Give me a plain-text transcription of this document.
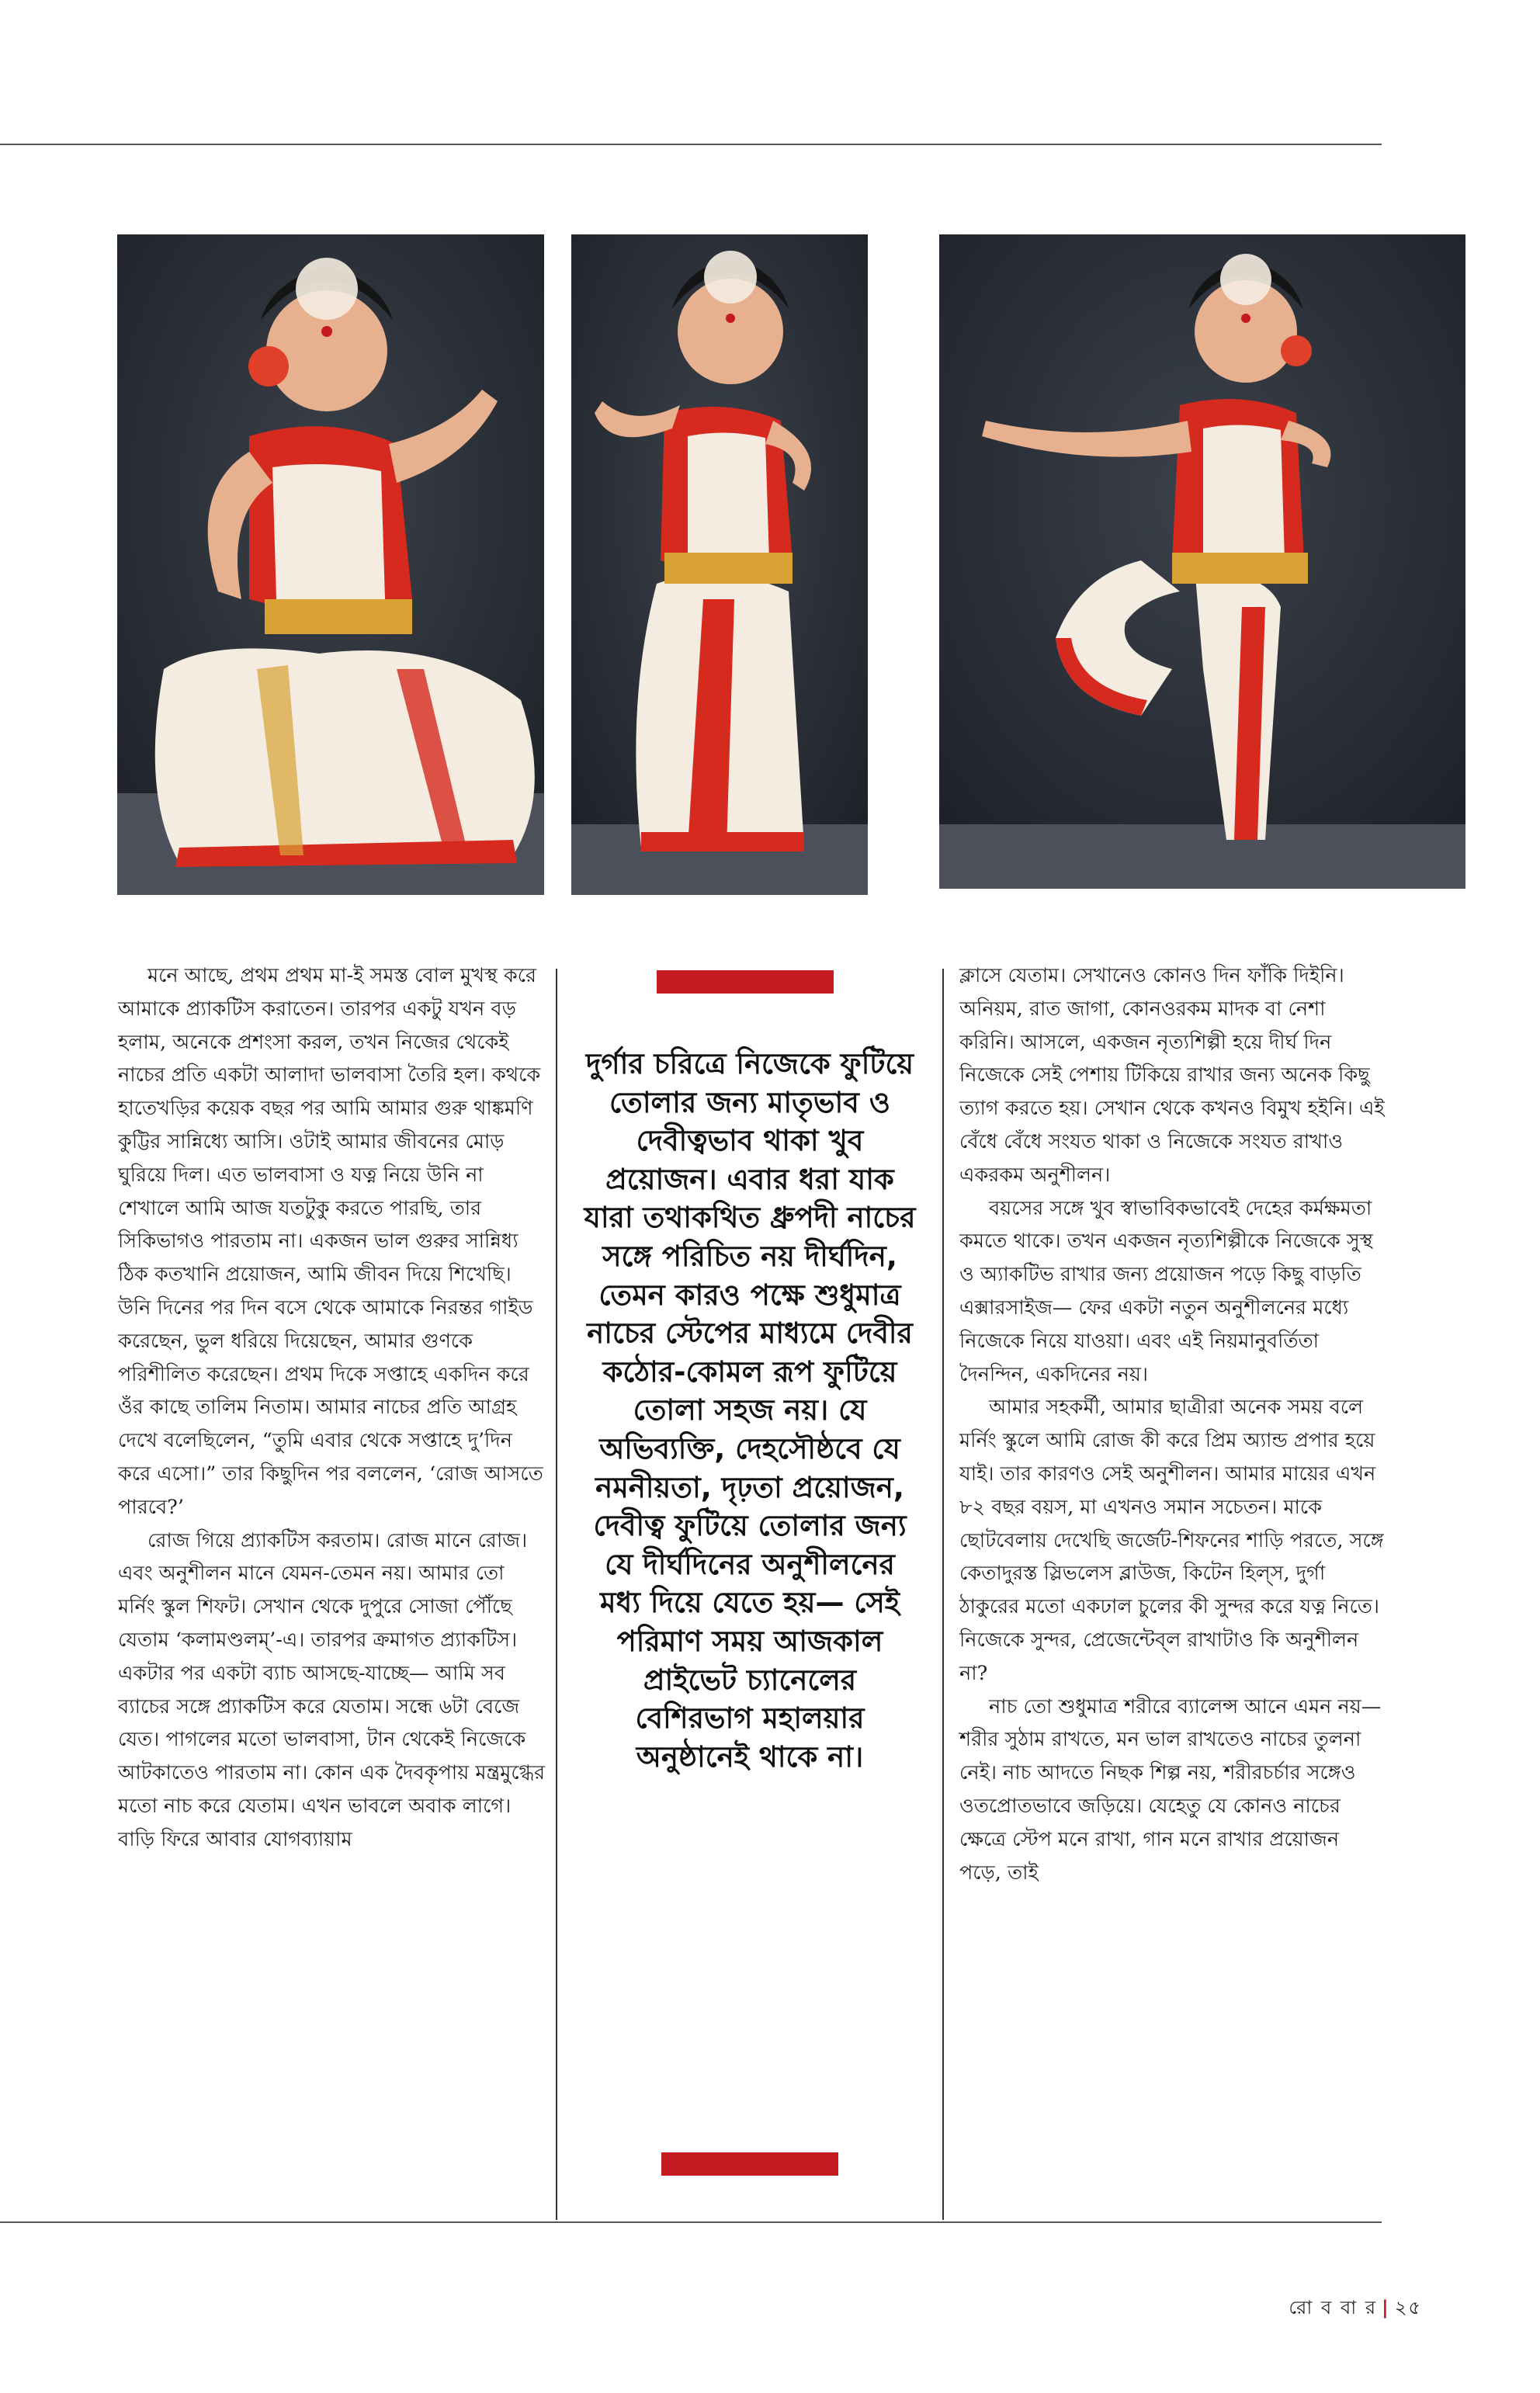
মনে আছে, প্রথম প্রথম মা-ই সমস্ত বোল মুখস্থ করে আমাকে প্র্যাকটিস করাতেন। তারপর একটু যখন বড় হলাম, অনেকে প্রশংসা করল, তখন নিজের থেকেই নাচের প্রতি একটা আলাদা ভালবাসা তৈরি হল। কথকে হাতেখড়ির কয়েক বছর পর আমি আমার গুরু থাঙ্কমণি কুট্টির সান্নিধ্যে আসি। ওটাই আমার জীবনের মোড় ঘুরিয়ে দিল। এত ভালবাসা ও যত্ন নিয়ে উনি না শেখালে আমি আজ যতটুকু করতে পারছি, তার সিকিভাগও পারতাম না। একজন ভাল গুরুর সান্নিধ্য ঠিক কতখানি প্রয়োজন, আমি জীবন দিয়ে শিখেছি। উনি দিনের পর দিন বসে থেকে আমাকে নিরন্তর গাইড করেছেন, ভুল ধরিয়ে দিয়েছেন, আমার গুণকে পরিশীলিত করেছেন। প্রথম দিকে সপ্তাহে একদিন করে ওঁর কাছে তালিম নিতাম। আমার নাচের প্রতি আগ্রহ দেখে বলেছিলেন, “তুমি এবার থেকে সপ্তাহে দু’দিন করে এসো।” তার কিছুদিন পর বললেন, ‘রোজ আসতে পারবে?’

রোজ গিয়ে প্র্যাকটিস করতাম। রোজ মানে রোজ। এবং অনুশীলন মানে যেমন-তেমন নয়। আমার তো মর্নিং স্কুল শিফট। সেখান থেকে দুপুরে সোজা পৌঁছে যেতাম ‘কলামণ্ডলম্’-এ। তারপর ক্রমাগত প্র্যাকটিস। একটার পর একটা ব্যাচ আসছে-যাচ্ছে— আমি সব ব্যাচের সঙ্গে প্র্যাকটিস করে যেতাম। সন্ধে ৬টা বেজে যেত। পাগলের মতো ভালবাসা, টান থেকেই নিজেকে আটকাতেও পারতাম না। কোন এক দৈবকৃপায় মন্ত্রমুগ্ধের মতো নাচ করে যেতাম। এখন ভাবলে অবাক লাগে। বাড়ি ফিরে আবার যোগব্যায়াম

দুর্গার চরিত্রে নিজেকে ফুটিয়ে তোলার জন্য মাতৃভাব ও দেবীত্বভাব থাকা খুব প্রয়োজন। এবার ধরা যাক যারা তথাকথিত ধ্রুপদী নাচের সঙ্গে পরিচিত নয় দীর্ঘদিন, তেমন কারও পক্ষে শুধুমাত্র নাচের স্টেপের মাধ্যমে দেবীর কঠোর-কোমল রূপ ফুটিয়ে তোলা সহজ নয়। যে অভিব্যক্তি, দেহসৌষ্ঠবে যে নমনীয়তা, দৃঢ়তা প্রয়োজন, দেবীত্ব ফুটিয়ে তোলার জন্য যে দীর্ঘদিনের অনুশীলনের মধ্য দিয়ে যেতে হয়— সেই পরিমাণ সময় আজকাল প্রাইভেট চ্যানেলের বেশিরভাগ মহালয়ার অনুষ্ঠানেই থাকে না।

ক্লাসে যেতাম। সেখানেও কোনও দিন ফাঁকি দিইনি। অনিয়ম, রাত জাগা, কোনওরকম মাদক বা নেশা করিনি। আসলে, একজন নৃত্যশিল্পী হয়ে দীর্ঘ দিন নিজেকে সেই পেশায় টিকিয়ে রাখার জন্য অনেক কিছু ত্যাগ করতে হয়। সেখান থেকে কখনও বিমুখ হইনি। এই বেঁধে বেঁধে সংযত থাকা ও নিজেকে সংযত রাখাও একরকম অনুশীলন।

বয়সের সঙ্গে খুব স্বাভাবিকভাবেই দেহের কর্মক্ষমতা কমতে থাকে। তখন একজন নৃত্যশিল্পীকে নিজেকে সুস্থ ও অ্যাকটিভ রাখার জন্য প্রয়োজন পড়ে কিছু বাড়তি এক্সারসাইজ— ফের একটা নতুন অনুশীলনের মধ্যে নিজেকে নিয়ে যাওয়া। এবং এই নিয়মানুবর্তিতা দৈনন্দিন, একদিনের নয়।

আমার সহকর্মী, আমার ছাত্রীরা অনেক সময় বলে মর্নিং স্কুলে আমি রোজ কী করে প্রিম অ্যান্ড প্রপার হয়ে যাই। তার কারণও সেই অনুশীলন। আমার মায়ের এখন ৮২ বছর বয়স, মা এখনও সমান সচেতন। মাকে ছোটবেলায় দেখেছি জর্জেট-শিফনের শাড়ি পরতে, সঙ্গে কেতাদুরস্ত স্লিভলেস ব্লাউজ, কিটেন হিল্স, দুর্গা ঠাকুরের মতো একঢাল চুলের কী সুন্দর করে যত্ন নিতে। নিজেকে সুন্দর, প্রেজেন্টেব্‌ল রাখাটাও কি অনুশীলন না?

নাচ তো শুধুমাত্র শরীরে ব্যালেন্স আনে এমন নয়— শরীর সুঠাম রাখতে, মন ভাল রাখতেও নাচের তুলনা নেই। নাচ আদতে নিছক শিল্প নয়, শরীরচর্চার সঙ্গেও ওতপ্রোতভাবে জড়িয়ে। যেহেতু যে কোনও নাচের ক্ষেত্রে স্টেপ মনে রাখা, গান মনে রাখার প্রয়োজন পড়ে, তাই

রো ব বা র | ২৫
